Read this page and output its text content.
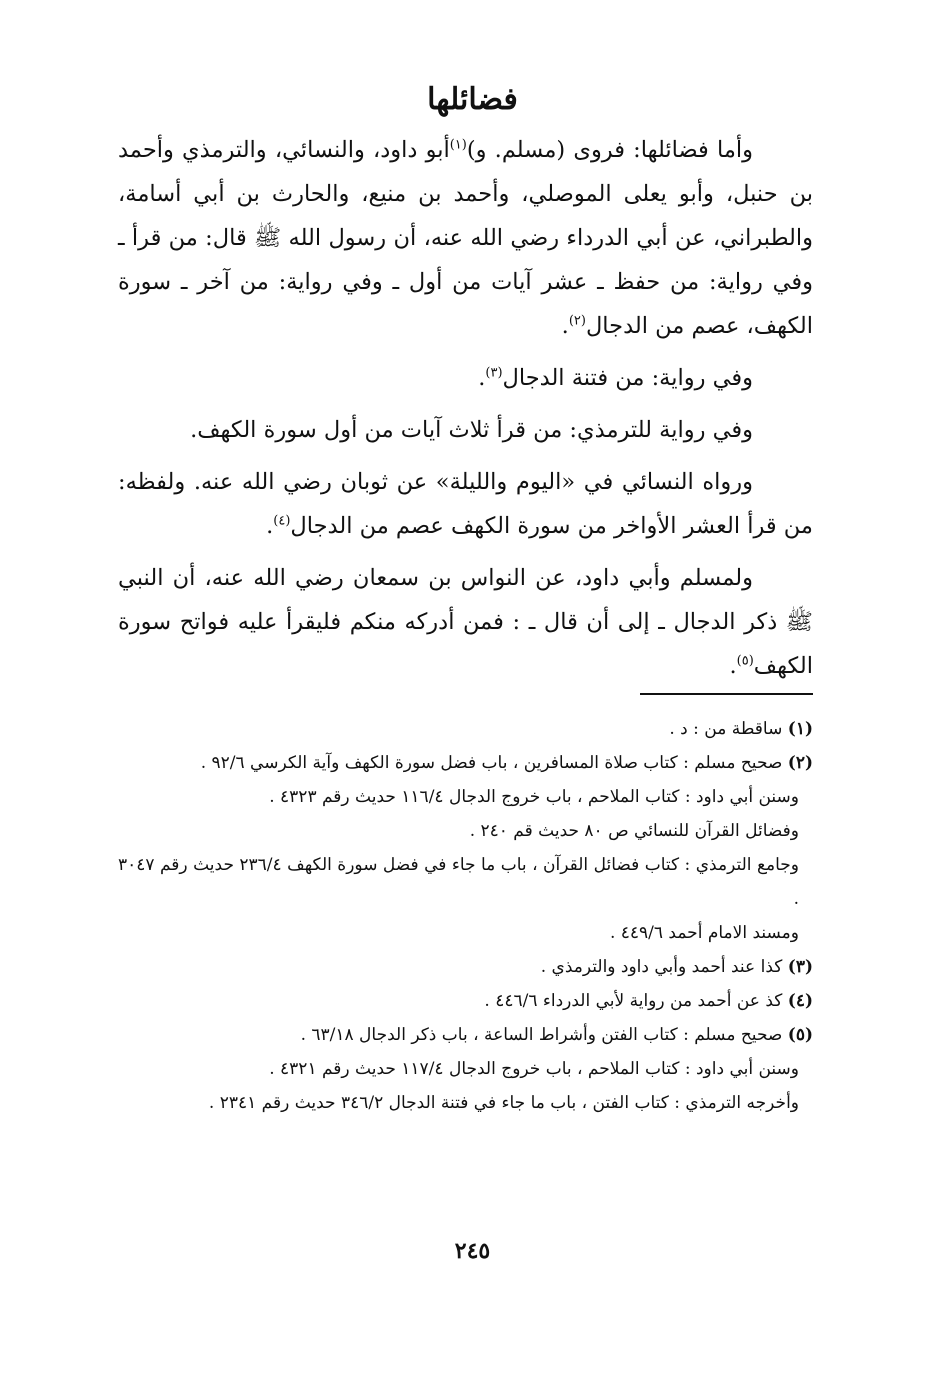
فضائلها

وأما فضائلها: فروى (مسلم. و)$^{(١)}$أبو داود، والنسائي، والترمذي وأحمد بن حنبل، وأبو يعلى الموصلي، وأحمد بن منيع، والحارث بن أبي أسامة، والطبراني، عن أبي الدرداء رضي الله عنه، أن رسول الله ﷺ قال: من قرأ ـ وفي رواية: من حفظ ـ عشر آيات من أول ـ وفي رواية: من آخر ـ سورة الكهف، عصم من الدجال$^{(٢)}$.

وفي رواية: من فتنة الدجال$^{(٣)}$.

وفي رواية للترمذي: من قرأ ثلاث آيات من أول سورة الكهف.

ورواه النسائي في «اليوم والليلة» عن ثوبان رضي الله عنه. ولفظه: من قرأ العشر الأواخر من سورة الكهف عصم من الدجال$^{(٤)}$.

ولمسلم وأبي داود، عن النواس بن سمعان رضي الله عنه، أن النبي ﷺ ذكر الدجال ـ إلى أن قال ـ : فمن أدركه منكم فليقرأ عليه فواتح سورة الكهف$^{(٥)}$.

(١) ساقطة من : د .

(٢) صحيح مسلم : كتاب صلاة المسافرين ، باب فضل سورة الكهف وآية الكرسي ٩٢/٦ .

وسنن أبي داود : كتاب الملاحم ، باب خروج الدجال ١١٦/٤ حديث رقم ٤٣٢٣ .

وفضائل القرآن للنسائي ص ٨٠ حديث قم ٢٤٠ .

وجامع الترمذي : كتاب فضائل القرآن ، باب ما جاء في فضل سورة الكهف ٢٣٦/٤ حديث رقم ٣٠٤٧ .

ومسند الامام أحمد ٤٤٩/٦ .

(٣) كذا عند أحمد وأبي داود والترمذي .

(٤) كذ عن أحمد من رواية لأبي الدرداء ٤٤٦/٦ .

(٥) صحيح مسلم : كتاب الفتن وأشراط الساعة ، باب ذكر الدجال ٦٣/١٨ .

وسنن أبي داود : كتاب الملاحم ، باب خروج الدجال ١١٧/٤ حديث رقم ٤٣٢١ .

وأخرجه الترمذي : كتاب الفتن ، باب ما جاء في فتنة الدجال ٣٤٦/٢ حديث رقم ٢٣٤١ .

٢٤٥
